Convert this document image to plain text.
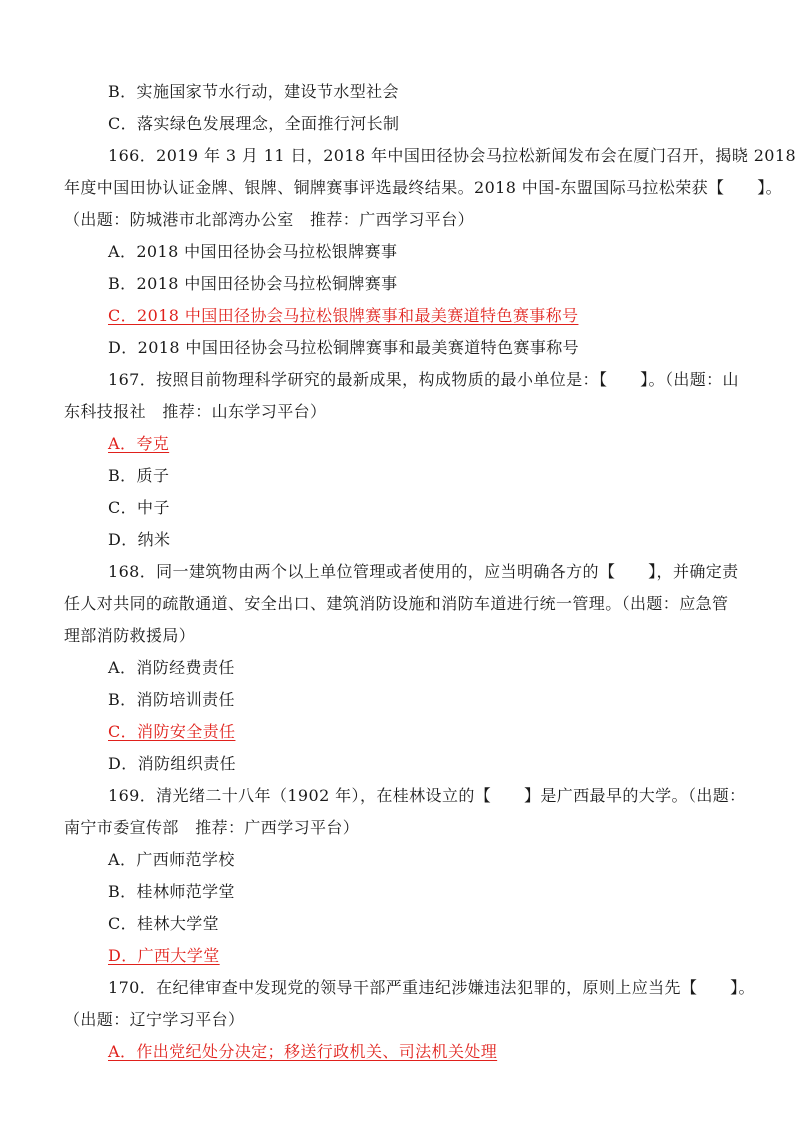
B．实施国家节水行动，建设节水型社会
C．落实绿色发展理念，全面推行河长制
166．2019 年 3 月 11 日，2018 年中国田径协会马拉松新闻发布会在厦门召开，揭晓 2018
年度中国田协认证金牌、银牌、铜牌赛事评选最终结果。2018 中国-东盟国际马拉松荣获【　　】。
（出题：防城港市北部湾办公室　推荐：广西学习平台）
A．2018 中国田径协会马拉松银牌赛事
B．2018 中国田径协会马拉松铜牌赛事
C．2018 中国田径协会马拉松银牌赛事和最美赛道特色赛事称号
D．2018 中国田径协会马拉松铜牌赛事和最美赛道特色赛事称号
167．按照目前物理科学研究的最新成果，构成物质的最小单位是：【　　】。（出题：山
东科技报社　推荐：山东学习平台）
A．夸克
B．质子
C．中子
D．纳米
168．同一建筑物由两个以上单位管理或者使用的，应当明确各方的【　　】，并确定责
任人对共同的疏散通道、安全出口、建筑消防设施和消防车道进行统一管理。（出题：应急管
理部消防救援局）
A．消防经费责任
B．消防培训责任
C．消防安全责任
D．消防组织责任
169．清光绪二十八年（1902 年），在桂林设立的【　　】是广西最早的大学。（出题：
南宁市委宣传部　推荐：广西学习平台）
A．广西师范学校
B．桂林师范学堂
C．桂林大学堂
D．广西大学堂
170．在纪律审查中发现党的领导干部严重违纪涉嫌违法犯罪的，原则上应当先【　　】。
（出题：辽宁学习平台）
A．作出党纪处分决定；移送行政机关、司法机关处理
